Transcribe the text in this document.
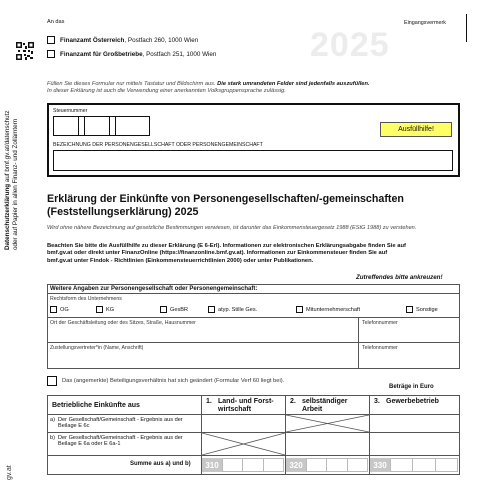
Datenschutzerklärung auf bmf.gv.at/datenschutz oder auf Papier in allen Finanz- und Zollämtern
gv.at
An das
Finanzamt Österreich, Postfach 260, 1000 Wien
Finanzamt für Großbetriebe, Postfach 251, 1000 Wien	2025
Eingangsvermerk
Füllen Sie dieses Formular nur mittels Tastatur und Bildschirm aus. Die stark umrandeten Felder sind jedenfalls auszufüllen.
In dieser Erklärung ist auch die Verwendung einer anerkannten Volksgruppensprache zulässig.
Steuernummer
Ausfüllhilfe!
BEZEICHNUNG DER PERSONENGESELLSCHAFT ODER PERSONENGEMEINSCHAFT
Erklärung der Einkünfte von Personengesellschaften/-gemeinschaften
(Feststellungserklärung) 2025
Wird ohne nähere Bezeichnung auf gesetzliche Bestimmungen verwiesen, ist darunter das Einkommensteuergesetz 1988 (EStG 1988) zu verstehen.
Beachten Sie bitte die Ausfüllhilfe zu dieser Erklärung (E 6-Erl). Informationen zur elektronischen Erklärungsabgabe finden Sie auf
bmf.gv.at oder direkt unter FinanzOnline (https://finanzonline.bmf.gv.at). Informationen zur Einkommensteuer finden Sie auf
bmf.gv.at unter Findok - Richtlinien (Einkommensteuerrichtlinien 2000) oder unter Publikationen.
Zutreffendes bitte ankreuzen!
Weitere Angaben zur Personengesellschaft oder Personengemeinschaft:
Rechtsform des Unternehmens
OG	KG	GesBR	atyp. Stille Ges.	Mitunternehmerschaft	Sonstige
Ort der Geschäftsleitung oder des Sitzes, Straße, Hausnummer	Telefonnummer
Zustellungsvertreter*in (Name, Anschrift)	Telefonnummer
Das (angemerkte) Beteiligungsverhältnis hat sich geändert (Formular Verf 60 liegt bei).
Beträge in Euro
Betriebliche Einkünfte aus
1. Land- und Forst-
wirtschaft
2. selbständiger
Arbeit
3. Gewerbebetrieb
a) Der Gesellschaft/Gemeinschaft - Ergebnis aus der Beilage E 6c
b) Der Gesellschaft/Gemeinschaft - Ergebnis aus der Beilage E 6a oder E 6a-1
Summe aus a) und b)	310	320	330
